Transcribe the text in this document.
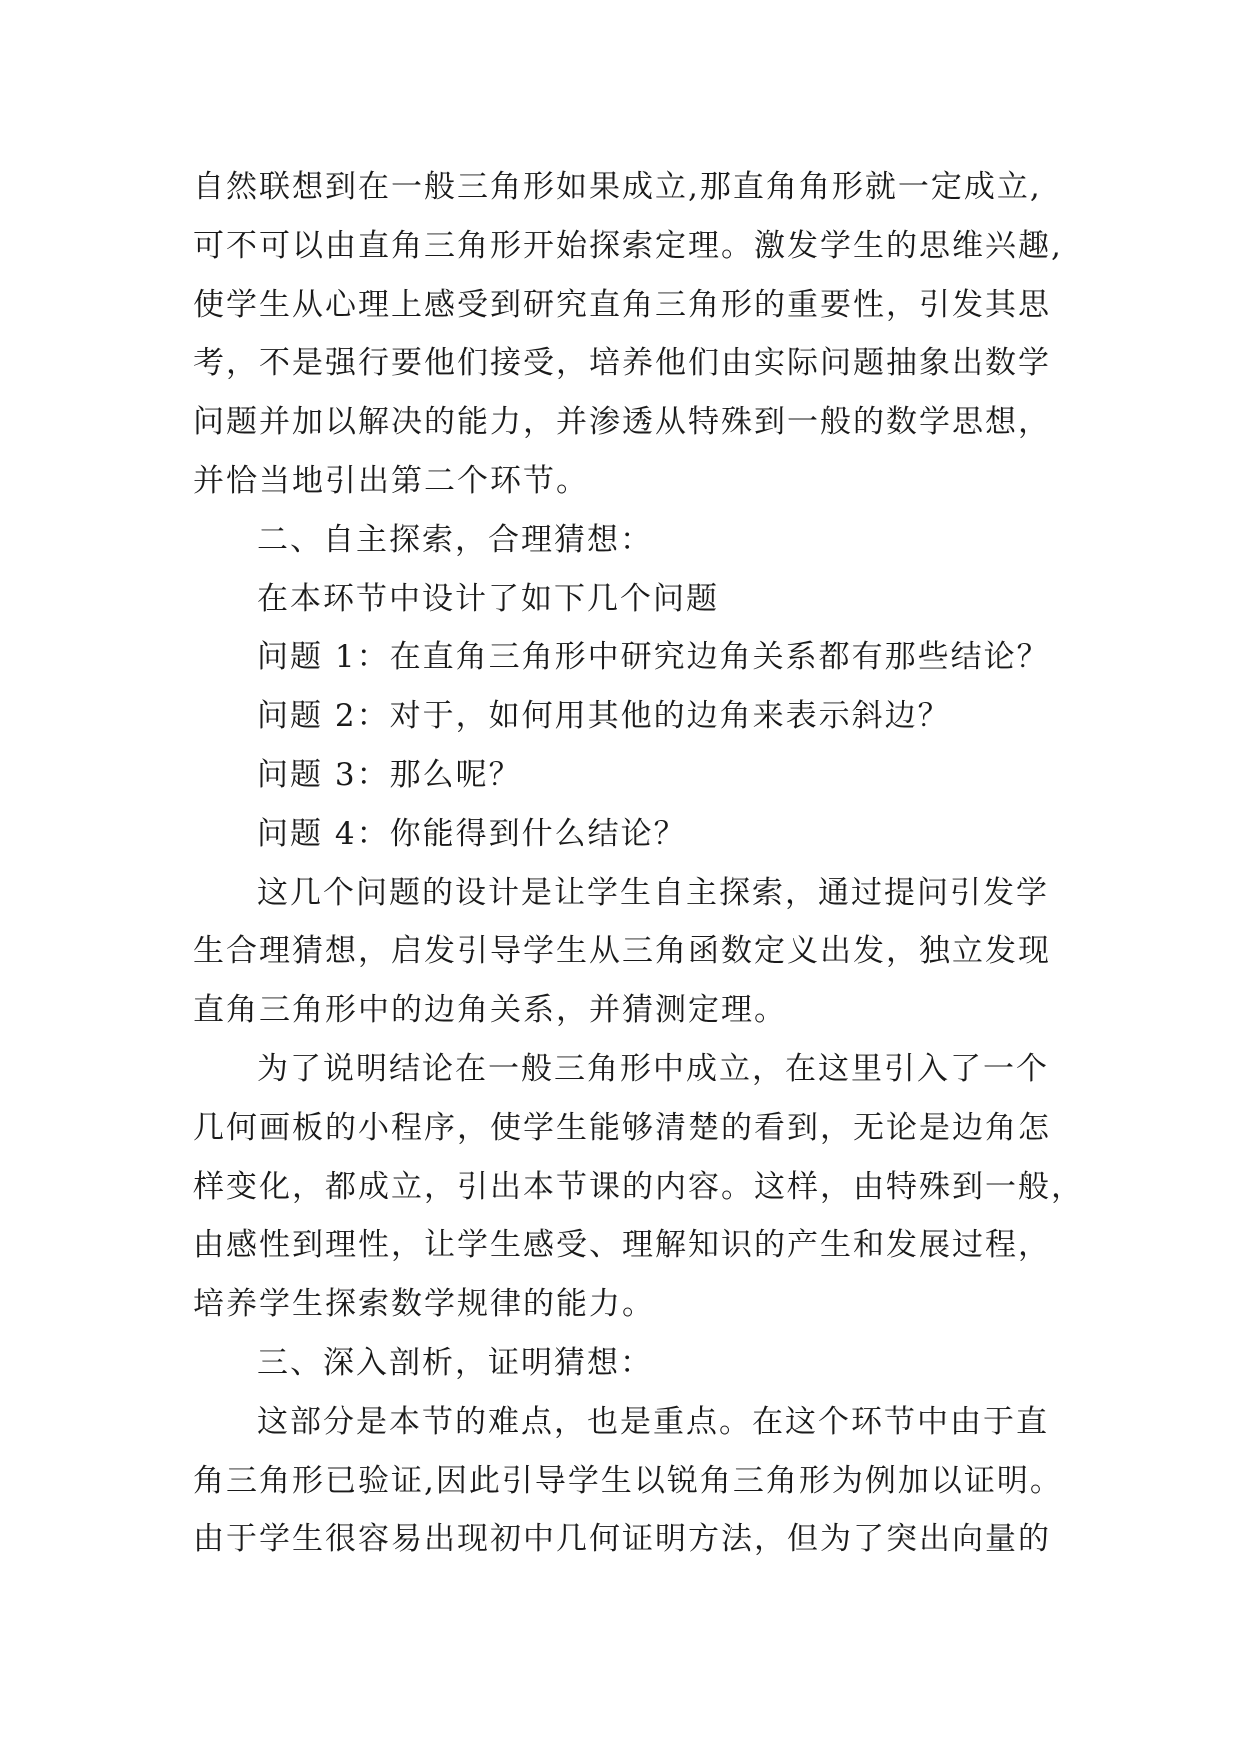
自然联想到在一般三角形如果成立,那直角角形就一定成立,
可不可以由直角三角形开始探索定理。激发学生的思维兴趣,
使学生从心理上感受到研究直角三角形的重要性，引发其思
考，不是强行要他们接受，培养他们由实际问题抽象出数学
问题并加以解决的能力，并渗透从特殊到一般的数学思想，
并恰当地引出第二个环节。
二、自主探索，合理猜想：
在本环节中设计了如下几个问题
问题 1：在直角三角形中研究边角关系都有那些结论？
问题 2：对于，如何用其他的边角来表示斜边？
问题 3：那么呢？
问题 4：你能得到什么结论？
这几个问题的设计是让学生自主探索，通过提问引发学
生合理猜想，启发引导学生从三角函数定义出发，独立发现
直角三角形中的边角关系，并猜测定理。
为了说明结论在一般三角形中成立，在这里引入了一个
几何画板的小程序，使学生能够清楚的看到，无论是边角怎
样变化，都成立，引出本节课的内容。这样，由特殊到一般，
由感性到理性，让学生感受、理解知识的产生和发展过程，
培养学生探索数学规律的能力。
三、深入剖析，证明猜想：
这部分是本节的难点，也是重点。在这个环节中由于直
角三角形已验证,因此引导学生以锐角三角形为例加以证明。
由于学生很容易出现初中几何证明方法，但为了突出向量的
